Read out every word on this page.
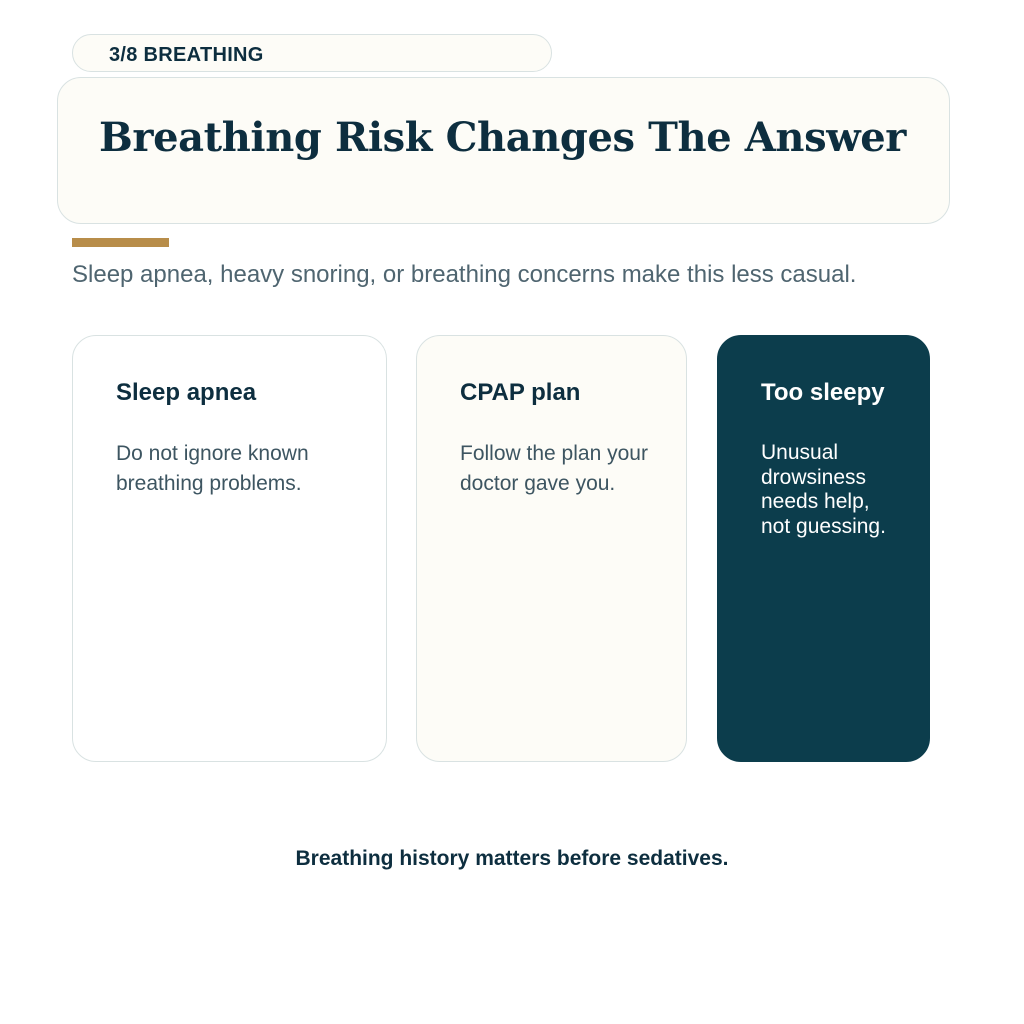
3/8 BREATHING
Breathing Risk Changes The Answer
Sleep apnea, heavy snoring, or breathing concerns make this less casual.
Sleep apnea
Do not ignore known breathing problems.
CPAP plan
Follow the plan your doctor gave you.
Too sleepy
Unusual drowsiness needs help, not guessing.
Breathing history matters before sedatives.
